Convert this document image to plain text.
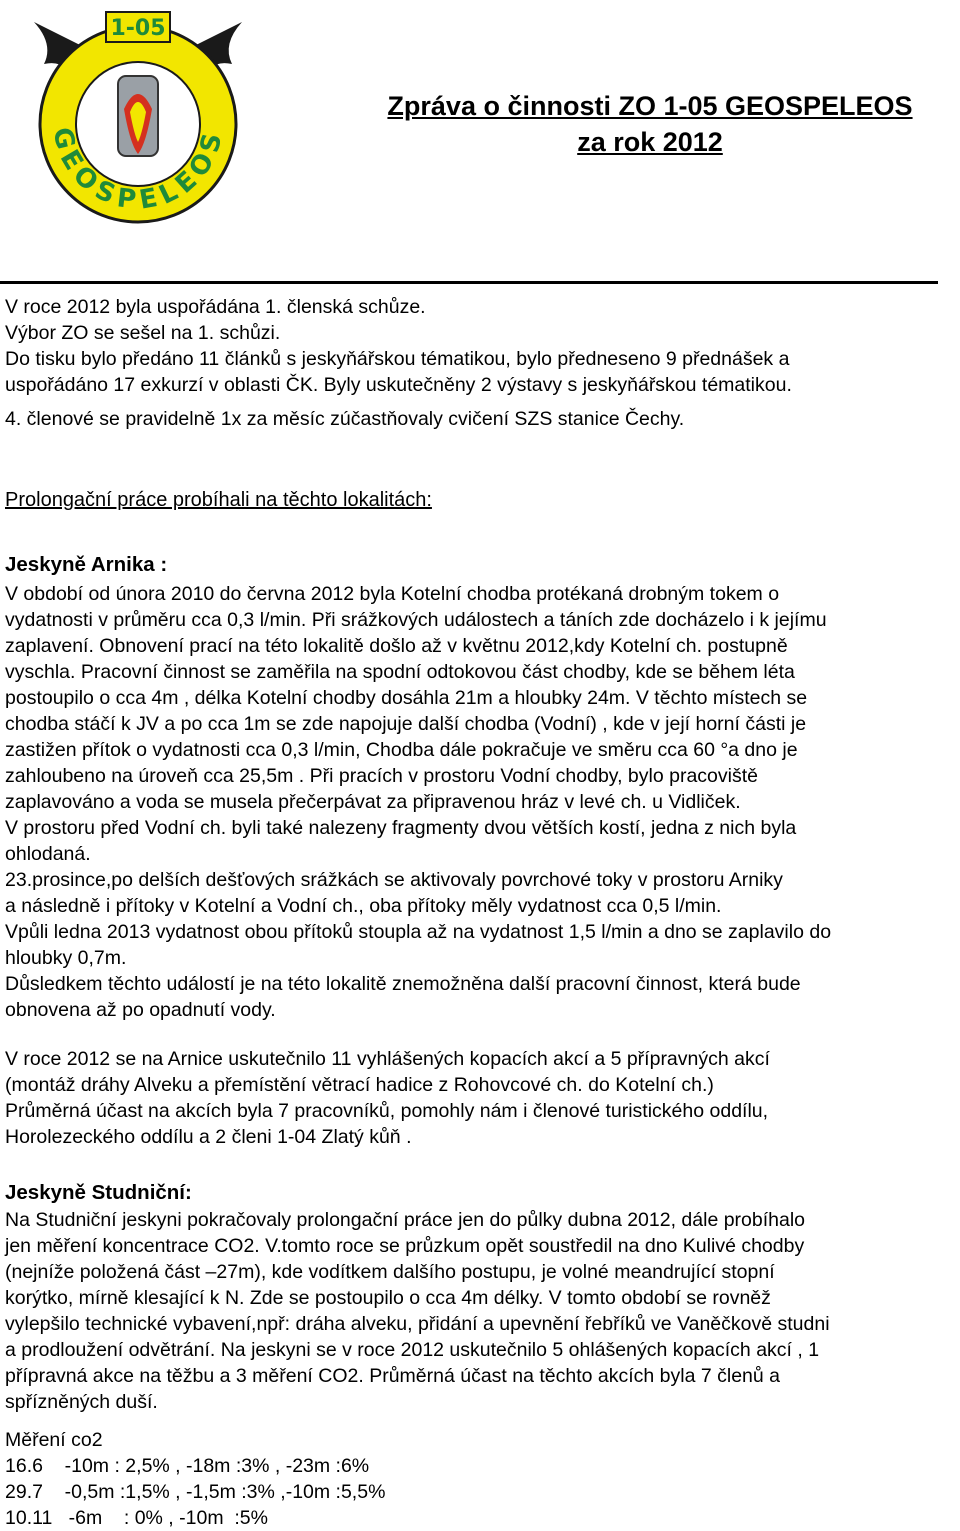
1-05
GEOSPELEOS
Zpráva o činnosti ZO 1-05 GEOSPELEOS
za rok 2012
V roce 2012 byla uspořádána 1. členská schůze.
Výbor ZO se sešel na 1. schůzi.
Do tisku bylo předáno 11 článků s jeskyňářskou tématikou, bylo předneseno 9 přednášek a
uspořádáno 17 exkurzí v oblasti ČK. Byly uskutečněny 2 výstavy s jeskyňářskou tématikou.
4. členové se pravidelně 1x za měsíc zúčastňovaly cvičení SZS stanice Čechy.
Prolongační práce probíhali na těchto lokalitách:
Jeskyně Arnika :
V období od února 2010 do června 2012 byla Kotelní chodba protékaná drobným tokem o
vydatnosti v průměru cca 0,3 l/min. Při srážkových událostech a táních zde docházelo i k jejímu
zaplavení. Obnovení prací na této lokalitě došlo až v květnu 2012,kdy Kotelní ch. postupně
vyschla. Pracovní činnost se zaměřila na spodní odtokovou část chodby, kde se během léta
postoupilo o cca 4m , délka Kotelní chodby dosáhla 21m a hloubky 24m. V těchto místech se
chodba stáčí k JV a po cca 1m se zde napojuje další chodba (Vodní) , kde v její horní části je
zastižen přítok o vydatnosti cca 0,3 l/min, Chodba dále pokračuje ve směru cca 60 °a dno je
zahloubeno na úroveň cca 25,5m . Při pracích v prostoru Vodní chodby, bylo pracoviště
zaplavováno a voda se musela přečerpávat za připravenou hráz v levé ch. u Vidliček.
V prostoru před Vodní ch. byli také nalezeny fragmenty dvou větších kostí, jedna z nich byla
ohlodaná.
23.prosince,po delších dešťových srážkách se aktivovaly povrchové toky v prostoru Arniky
a následně i přítoky v Kotelní a Vodní ch., oba přítoky měly vydatnost cca 0,5 l/min.
Vpůli ledna 2013 vydatnost obou přítoků stoupla až na vydatnost 1,5 l/min a dno se zaplavilo do
hloubky 0,7m.
Důsledkem těchto událostí je na této lokalitě znemožněna další pracovní činnost, která bude
obnovena až po opadnutí vody.
V roce 2012 se na Arnice uskutečnilo 11 vyhlášených kopacích akcí a 5 přípravných akcí
(montáž dráhy Alveku a přemístění větrací hadice z Rohovcové ch. do Kotelní ch.)
Průměrná účast na akcích byla 7 pracovníků, pomohly nám i členové turistického oddílu,
Horolezeckého oddílu a 2 členi 1-04 Zlatý kůň .
Jeskyně Studniční:
Na Studniční jeskyni pokračovaly prolongační práce jen do půlky dubna 2012, dále probíhalo
jen měření koncentrace CO2. V.tomto roce se průzkum opět soustředil na dno Kulivé chodby
(nejníže položená část –27m), kde vodítkem dalšího postupu, je volné meandrující stopní
korýtko, mírně klesající k N. Zde se postoupilo o cca 4m délky. V tomto období se rovněž
vylepšilo technické vybavení,npř: dráha alveku, přidání a upevnění řebříků ve Vaněčkově studni
a prodloužení odvětrání. Na jeskyni se v roce 2012 uskutečnilo 5 ohlášených kopacích akcí , 1
přípravná akce na těžbu a 3 měření CO2. Průměrná účast na těchto akcích byla 7 členů a
spřízněných duší.
Měření co2
16.6    -10m : 2,5% , -18m :3% , -23m :6%
29.7    -0,5m :1,5% , -1,5m :3% ,-10m :5,5%
10.11   -6m    : 0% , -10m  :5%
